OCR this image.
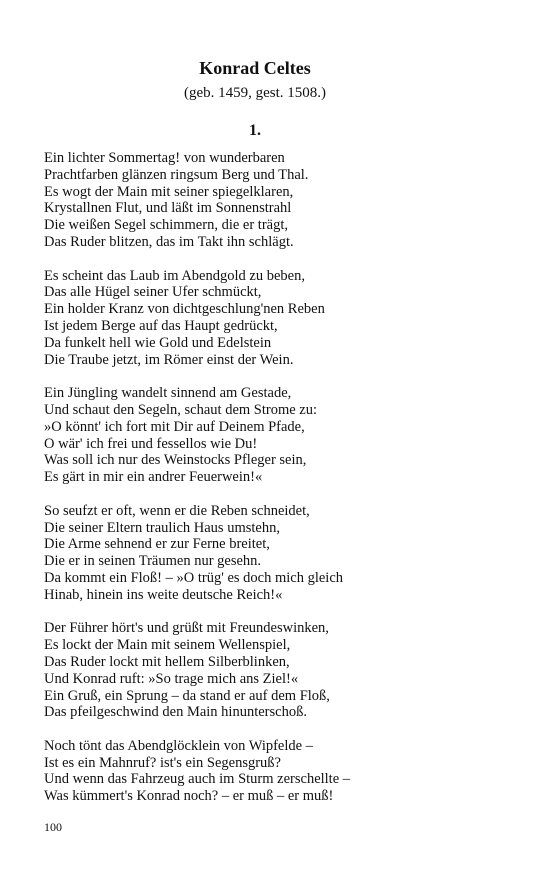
Konrad Celtes

(geb. 1459, gest. 1508.)

1.

Ein lichter Sommertag! von wunderbaren
Prachtfarben glänzen ringsum Berg und Thal.
Es wogt der Main mit seiner spiegelklaren,
Krystallnen Flut, und läßt im Sonnenstrahl
Die weißen Segel schimmern, die er trägt,
Das Ruder blitzen, das im Takt ihn schlägt.
Es scheint das Laub im Abendgold zu beben,
Das alle Hügel seiner Ufer schmückt,
Ein holder Kranz von dichtgeschlung'nen Reben
Ist jedem Berge auf das Haupt gedrückt,
Da funkelt hell wie Gold und Edelstein
Die Traube jetzt, im Römer einst der Wein.
Ein Jüngling wandelt sinnend am Gestade,
Und schaut den Segeln, schaut dem Strome zu:
»O könnt' ich fort mit Dir auf Deinem Pfade,
O wär' ich frei und fessellos wie Du!
Was soll ich nur des Weinstocks Pfleger sein,
Es gärt in mir ein andrer Feuerwein!«
So seufzt er oft, wenn er die Reben schneidet,
Die seiner Eltern traulich Haus umstehn,
Die Arme sehnend er zur Ferne breitet,
Die er in seinen Träumen nur gesehn.
Da kommt ein Floß! – »O trüg' es doch mich gleich
Hinab, hinein ins weite deutsche Reich!«
Der Führer hört's und grüßt mit Freundeswinken,
Es lockt der Main mit seinem Wellenspiel,
Das Ruder lockt mit hellem Silberblinken,
Und Konrad ruft: »So trage mich ans Ziel!«
Ein Gruß, ein Sprung – da stand er auf dem Floß,
Das pfeilgeschwind den Main hinunterschoß.
Noch tönt das Abendglöcklein von Wipfelde –
Ist es ein Mahnruf? ist's ein Segensgruß?
Und wenn das Fahrzeug auch im Sturm zerschellte –
Was kümmert's Konrad noch? – er muß – er muß!
100
